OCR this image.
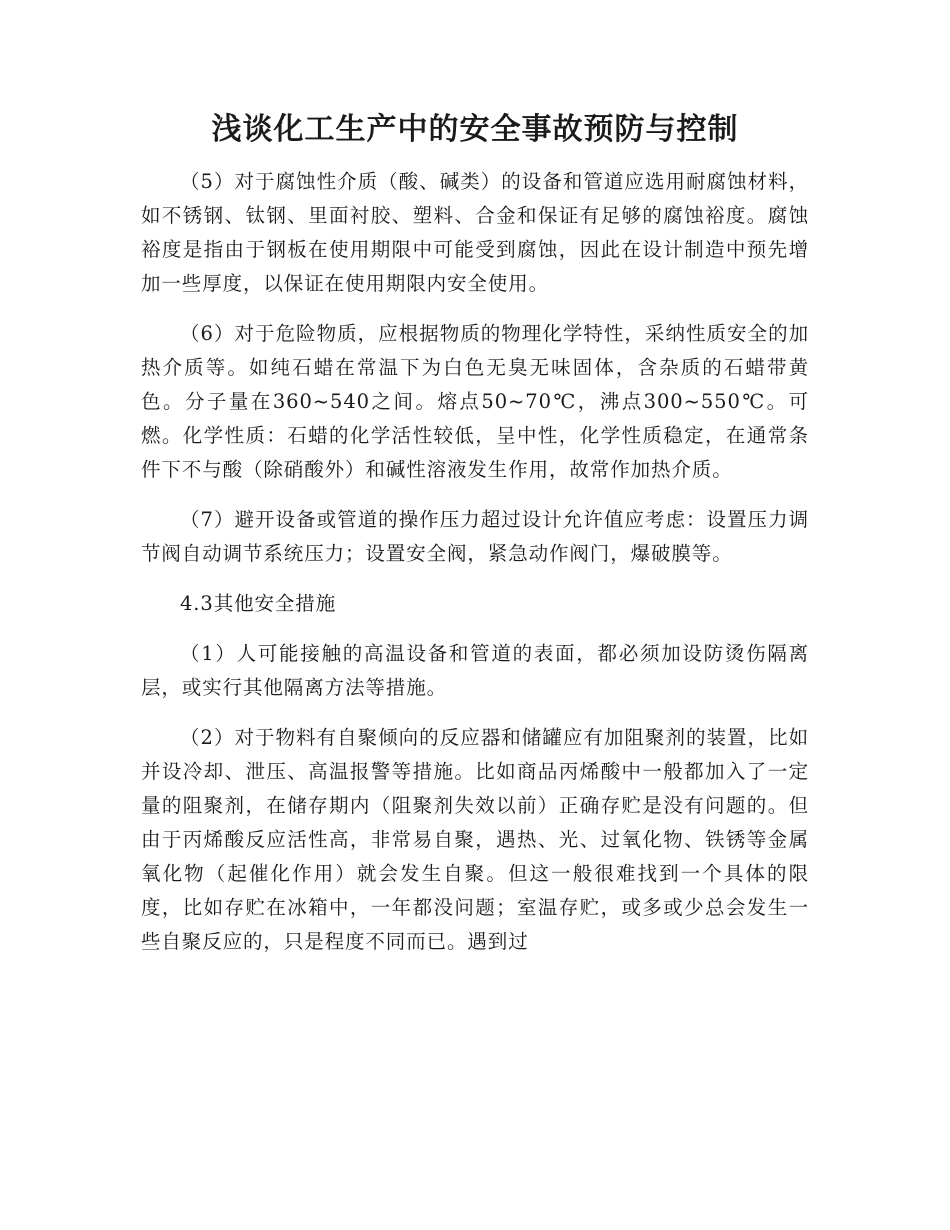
浅谈化工生产中的安全事故预防与控制

（5）对于腐蚀性介质（酸、碱类）的设备和管道应选用耐腐蚀材料，如不锈钢、钛钢、里面衬胶、塑料、合金和保证有足够的腐蚀裕度。腐蚀裕度是指由于钢板在使用期限中可能受到腐蚀，因此在设计制造中预先增加一些厚度，以保证在使用期限内安全使用。

（6）对于危险物质，应根据物质的物理化学特性，采纳性质安全的加热介质等。如纯石蜡在常温下为白色无臭无味固体，含杂质的石蜡带黄色。分子量在360~540之间。熔点50~70℃，沸点300~550℃。可燃。化学性质：石蜡的化学活性较低，呈中性，化学性质稳定，在通常条件下不与酸（除硝酸外）和碱性溶液发生作用，故常作加热介质。

（7）避开设备或管道的操作压力超过设计允许值应考虑：设置压力调节阀自动调节系统压力；设置安全阀，紧急动作阀门，爆破膜等。

4.3其他安全措施

（1）人可能接触的高温设备和管道的表面，都必须加设防烫伤隔离层，或实行其他隔离方法等措施。

（2）对于物料有自聚倾向的反应器和储罐应有加阻聚剂的装置，比如并设冷却、泄压、高温报警等措施。比如商品丙烯酸中一般都加入了一定量的阻聚剂，在储存期内（阻聚剂失效以前）正确存贮是没有问题的。但由于丙烯酸反应活性高，非常易自聚，遇热、光、过氧化物、铁锈等金属氧化物（起催化作用）就会发生自聚。但这一般很难找到一个具体的限度，比如存贮在冰箱中，一年都没问题；室温存贮，或多或少总会发生一些自聚反应的，只是程度不同而已。遇到过
